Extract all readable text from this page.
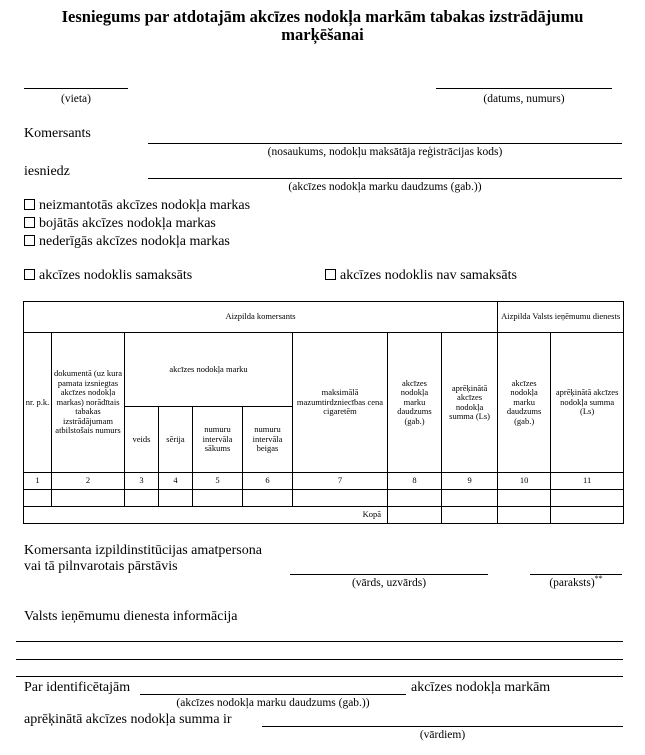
Iesniegums par atdotajām akcīzes nodokļa markām tabakas izstrādājumu
marķēšanai
(vieta)	(datums, numurs)
Komersants
(nosaukums, nodokļu maksātāja reģistrācijas kods)
iesniedz
(akcīzes nodokļa marku daudzums (gab.))
neizmantotās akcīzes nodokļa markas
bojātās akcīzes nodokļa markas
nederīgās akcīzes nodokļa markas
akcīzes nodoklis samaksāts	akcīzes nodoklis nav samaksāts
Aizpilda komersants									Aizpilda Valsts ieņēmumu dienests	
nr. p.k.	dokumentā (uz kura pamata izsniegtas akcīzes nodokļa markas) norādītais tabakas izstrādājumam atbilstošais numurs	akcīzes nodokļa marku				maksimālā mazumtirdzniecības cena cigaretēm	akcīzes nodokļa marku daudzums (gab.)	aprēķinātā akcīzes nodokļa summa (Ls)	akcīzes nodokļa marku daudzums (gab.)	aprēķinātā akcīzes nodokļa summa (Ls)
		veids	sērija	numuru intervāla sākums	numuru intervāla beigas					
1	2	3	4	5	6	7	8	9	10	11

Kopā										
Komersanta izpildinstitūcijas amatpersona
vai tā pilnvarotais pārstāvis
(vārds, uzvārds)	(paraksts)**
Valsts ieņēmumu dienesta informācija
Par identificētajām	akcīzes nodokļa markām
(akcīzes nodokļa marku daudzums (gab.))
aprēķinātā akcīzes nodokļa summa ir
(vārdiem)
